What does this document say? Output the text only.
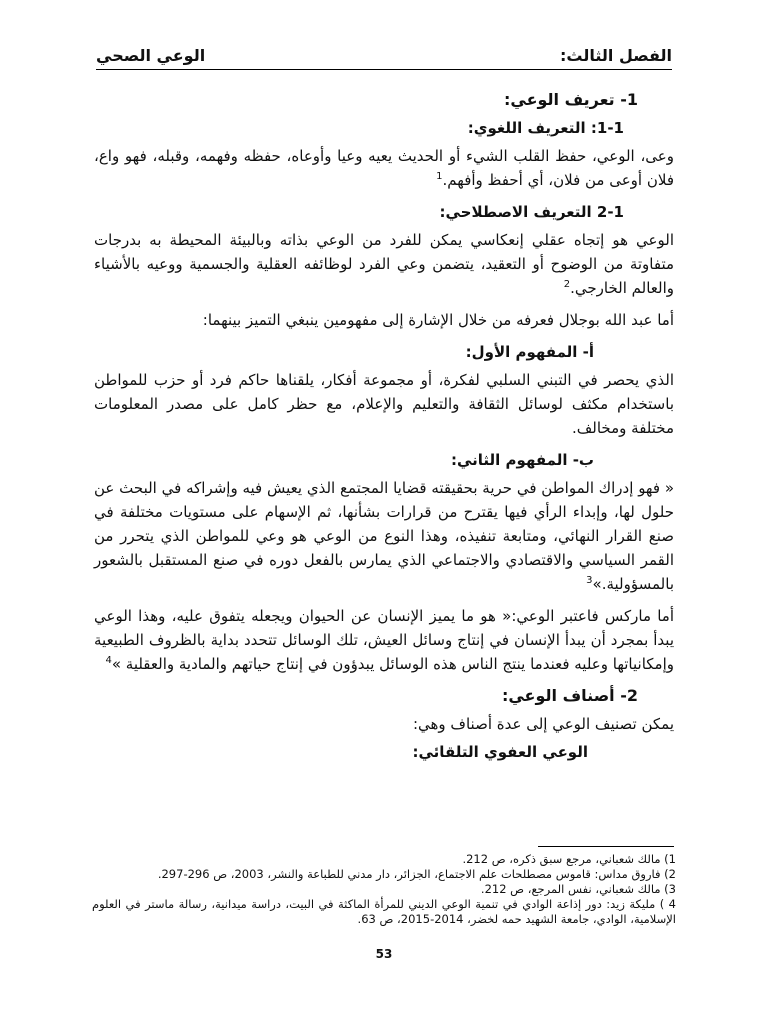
الفصل الثالث:
الوعي الصحي
1- تعريف الوعي:
1-1: التعريف اللغوي:

وعى، الوعي، حفظ القلب الشيء أو الحديث يعيه وعيا وأوعاه، حفظه وفهمه، وقبله، فهو واع، فلان أوعى من فلان، أي أحفظ وأفهم.$^1$

2-1 التعريف الاصطلاحي:

الوعي هو إتجاه عقلي إنعكاسي يمكن للفرد من الوعي بذاته وبالبيئة المحيطة به بدرجات متفاوتة من الوضوح أو التعقيد، يتضمن وعي الفرد لوظائفه العقلية والجسمية ووعيه بالأشياء والعالم الخارجي.$^2$

أما عبد الله بوجلال فعرفه من خلال الإشارة إلى مفهومين ينبغي التميز بينهما:

أ- المفهوم الأول:

الذي يحصر في التبني السلبي لفكرة، أو مجموعة أفكار، يلقناها حاكم فرد أو حزب للمواطن باستخدام مكثف لوسائل الثقافة والتعليم والإعلام، مع حظر كامل على مصدر المعلومات مختلفة ومخالف.

ب- المفهوم الثاني:

« فهو إدراك المواطن في حرية بحقيقته قضايا المجتمع الذي يعيش فيه وإشراكه في البحث عن حلول لها، وإبداء الرأي فيها يقترح من قرارات بشأنها، ثم الإسهام على مستويات مختلفة في صنع القرار النهائي، ومتابعة تنفيذه، وهذا النوع من الوعي هو وعي للمواطن الذي يتحرر من القمر السياسي والاقتصادي والاجتماعي الذي يمارس بالفعل دوره في صنع المستقبل بالشعور بالمسؤولية.»$^3$

أما ماركس فاعتبر الوعي:« هو ما يميز الإنسان عن الحيوان ويجعله يتفوق عليه، وهذا الوعي يبدأ بمجرد أن يبدأ الإنسان في إنتاج وسائل العيش، تلك الوسائل تتحدد بداية بالظروف الطبيعية وإمكانياتها وعليه فعندما ينتج الناس هذه الوسائل يبدؤون في إنتاج حياتهم والمادية والعقلية »$^4$

2- أصناف الوعي:

يمكن تصنيف الوعي إلى عدة أصناف وهي:

الوعي العفوي التلقائي:

1) مالك شعباني، مرجع سبق ذكره، ص 212.

2) فاروق مداس: قاموس مصطلحات علم الاجتماع، الجزائر، دار مدني للطباعة والنشر، 2003، ص 296-297.

3) مالك شعباني، نفس المرجع، ص 212.

4 ) مليكة زيد: دور إذاعة الوادي في تنمية الوعي الديني للمرأة الماكثة في البيت، دراسة ميدانية، رسالة ماستر في العلوم الإسلامية، الوادي، جامعة الشهيد حمه لخضر، 2014-2015، ص 63.

53
